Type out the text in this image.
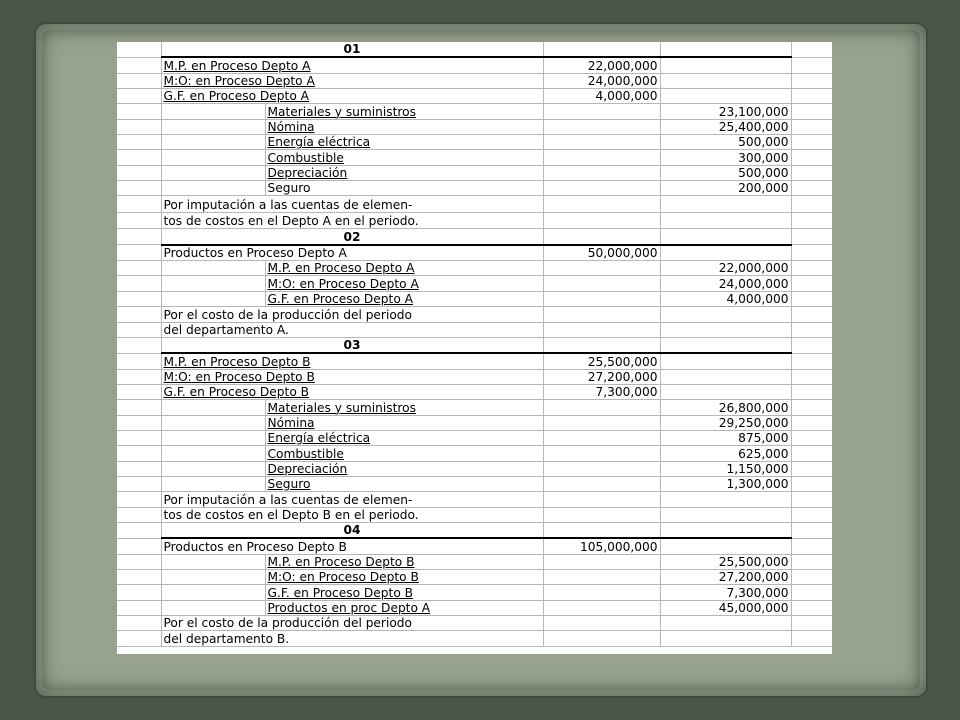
	01				
	M.P. en Proceso Depto A		22,000,000		
	M:O: en Proceso Depto A		24,000,000		
	G.F. en Proceso Depto A		4,000,000		
		Materiales y suministros		23,100,000	
		Nómina		25,400,000	
		Energía eléctrica		500,000	
		Combustible		300,000	
		Depreciación		500,000	
		Seguro		200,000	
	Por imputación a las cuentas de elemen-				
	tos de costos en el Depto A en el periodo.				
	02				
	Productos en Proceso Depto A		50,000,000		
		M.P. en Proceso Depto A		22,000,000	
		M:O: en Proceso Depto A		24,000,000	
		G.F. en Proceso Depto A		4,000,000	
	Por el costo de la producción del periodo				
	del departamento A.				
	03				
	M.P. en Proceso Depto B		25,500,000		
	M:O: en Proceso Depto B		27,200,000		
	G.F. en Proceso Depto B		7,300,000		
		Materiales y suministros		26,800,000	
		Nómina		29,250,000	
		Energía eléctrica		875,000	
		Combustible		625,000	
		Depreciación		1,150,000	
		Seguro		1,300,000	
	Por imputación a las cuentas de elemen-				
	tos de costos en el Depto B en el periodo.				
	04				
	Productos en Proceso Depto B		105,000,000		
		M.P. en Proceso Depto B		25,500,000	
		M:O: en Proceso Depto B		27,200,000	
		G.F. en Proceso Depto B		7,300,000	
		Productos en proc Depto A		45,000,000	
	Por el costo de la producción del periodo				
	del departamento B.				
